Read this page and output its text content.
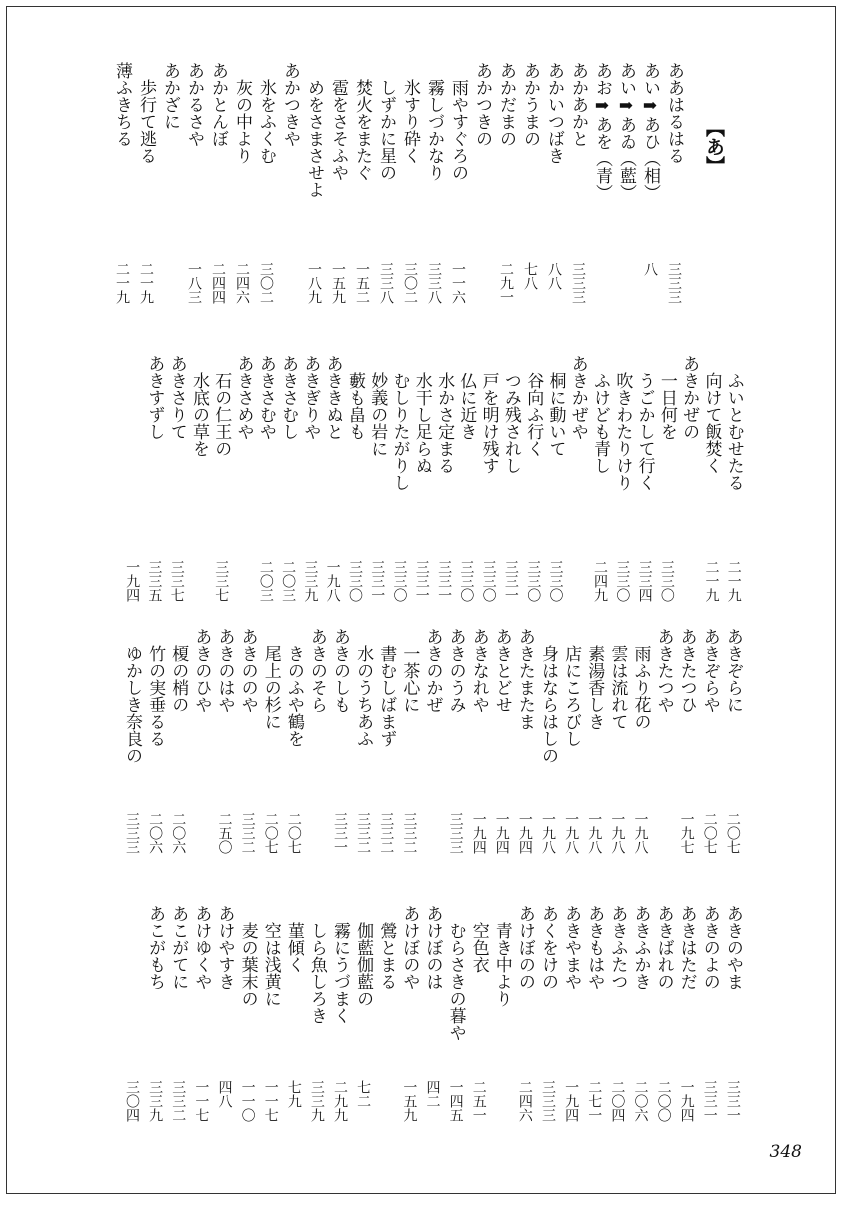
【あ】
ああはるはる
三三三
あい➡あひ（相）
八
あい➡あゐ（藍）
あお➡あを（青）
あかあかと
三三三
あかいつばき
八八
あかうまの
七八
あかだまの
二九一
あかつきの
雨やすぐろの
一一六
霧しづかなり
三三八
氷すり砕く
三〇二
しずかに星の
三三八
焚火をまたぐ
一五二
雹をさそふや
一五九
めをさまさせよ
一八九
あかつきや
氷をふくむ
三〇二
灰の中より
二四六
あかとんぼ
二四四
あかるさや
一八三
あかざに
歩行て逃る
二一九
薄ふきちる
二一九
ふいとむせたる
二一九
向けて飯焚く
二一九
あきかぜの
一日何を
三三〇
うごかして行く
三三四
吹きわたりけり
三三〇
ふけども青し
二四九
あきかぜや
桐に動いて
三三〇
谷向ふ行く
三三〇
つみ残されし
三三一
戸を明け残す
三三〇
仏に近き
三三〇
水かさ定まる
三三一
水干し足らぬ
三三一
むしりたがりし
三三〇
妙義の岩に
三三一
藪も畠も
三三〇
あききぬと
一九八
あきぎりや
三三九
あきさむし
二〇三
あきさむや
二〇三
あきさめや
石の仁王の
三三七
水底の草を
あきさりて
三三七
あきすずし
三三五
一九四
あきぞらに
二〇七
あきぞらや
二〇七
あきたつひ
一九七
あきたつや
雨ふり花の
一九八
雲は流れて
一九八
素湯香しき
一九八
店にころびし
一九八
身はならはしの
一九八
あきたまたま
一九四
あきとどせ
一九四
あきなれや
一九四
あきのうみ
三三三
あきのかぜ
一茶心に
三三二
書むしばまず
三三二
水のうちあふ
三三二
あきのしも
三三一
あきのそら
きのふや鶴を
二〇七
尾上の杉に
二〇七
あきののや
三三二
あきのはや
二五〇
あきのひや
榎の梢の
二〇六
竹の実垂るる
二〇六
ゆかしき奈良の
三三三
あきのやま
三三一
あきのよの
三三一
あきはただ
一九四
あきばれの
二〇〇
あきふかき
二〇六
あきふたつ
二〇四
あきもはや
二七一
あきやまや
一九四
あくをけの
三三三
あけぼのの
二四六
青き中より
空色衣
二五一
むらさきの暮や
一四五
あけぼのは
四二
あけぼのや
一五九
鶯とまる
伽藍伽藍の
七二
霧にうづまく
二九九
しら魚しろき
三三九
菫傾く
七九
空は浅黄に
一一七
麦の葉末の
一一〇
あけやすき
四八
あけゆくや
一一七
あこがてに
三三二
あこがもち
三三九
三〇四
348
